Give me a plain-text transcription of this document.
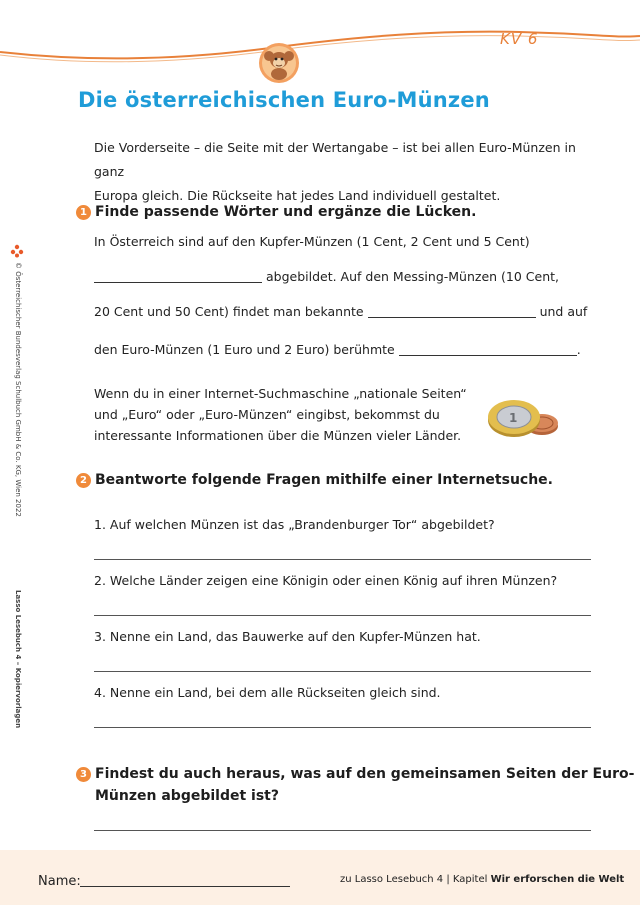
KV 6
Die österreichischen Euro-Münzen
Die Vorderseite – die Seite mit der Wertangabe – ist bei allen Euro-Münzen in ganz
Europa gleich. Die Rückseite hat jedes Land individuell gestaltet.
1 Finde passende Wörter und ergänze die Lücken.
In Österreich sind auf den Kupfer-Münzen (1 Cent, 2 Cent und 5 Cent)
abgebildet. Auf den Messing-Münzen (10 Cent,
20 Cent und 50 Cent) findet man bekannte	und auf
den Euro-Münzen (1 Euro und 2 Euro) berühmte	.
Wenn du in einer Internet-Suchmaschine „nationale Seiten“
und „Euro“ oder „Euro-Münzen“ eingibst, bekommst du
interessante Informationen über die Münzen vieler Länder.
1
2 Beantworte folgende Fragen mithilfe einer Internetsuche.
1. Auf welchen Münzen ist das „Brandenburger Tor“ abgebildet?
2. Welche Länder zeigen eine Königin oder einen König auf ihren Münzen?
3. Nenne ein Land, das Bauwerke auf den Kupfer-Münzen hat.
4. Nenne ein Land, bei dem alle Rückseiten gleich sind.
3 Findest du auch heraus, was auf den gemeinsamen Seiten der Euro-
Münzen abgebildet ist?
© Österreichischer Bundesverlag Schulbuch GmbH & Co. KG, Wien 2022
Lasso Lesebuch 4 – Kopiervorlagen
Name:	zu Lasso Lesebuch 4 | Kapitel Wir erforschen die Welt
